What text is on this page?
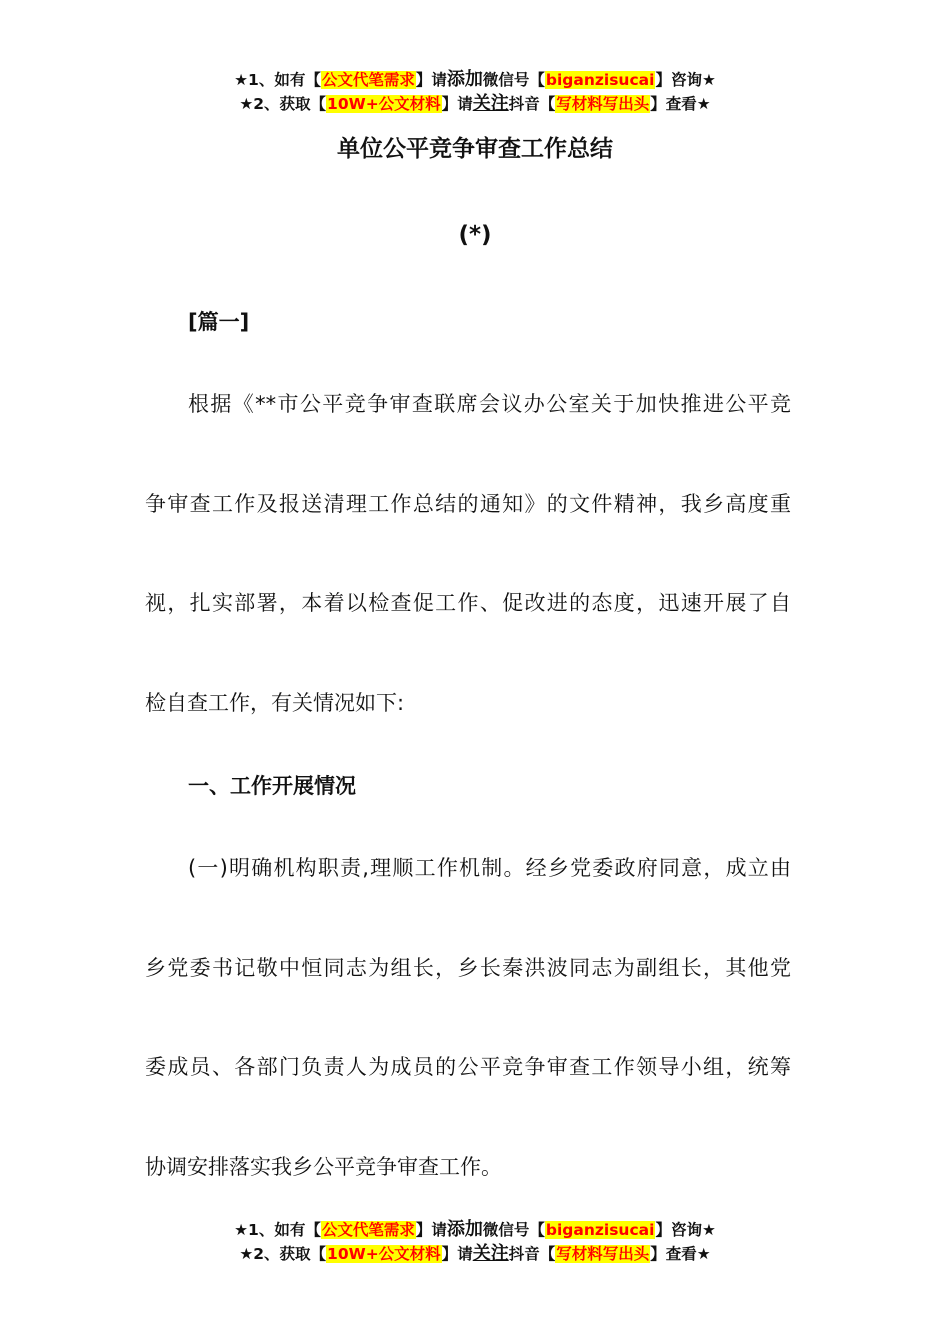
★1、如有【公文代笔需求】请添加微信号【biganzisucai】咨询★
★2、获取【10W+公文材料】请关注抖音【写材料写出头】查看★
单位公平竞争审查工作总结
(*)
[篇一]
根据《**市公平竞争审查联席会议办公室关于加快推进公平竞
争审查工作及报送清理工作总结的通知》的文件精神，我乡高度重
视，扎实部署，本着以检查促工作、促改进的态度，迅速开展了自
检自查工作，有关情况如下:
一、工作开展情况
(一)明确机构职责,理顺工作机制。经乡党委政府同意，成立由
乡党委书记敬中恒同志为组长，乡长秦洪波同志为副组长，其他党
委成员、各部门负责人为成员的公平竞争审查工作领导小组，统筹
协调安排落实我乡公平竞争审查工作。
★1、如有【公文代笔需求】请添加微信号【biganzisucai】咨询★
★2、获取【10W+公文材料】请关注抖音【写材料写出头】查看★
